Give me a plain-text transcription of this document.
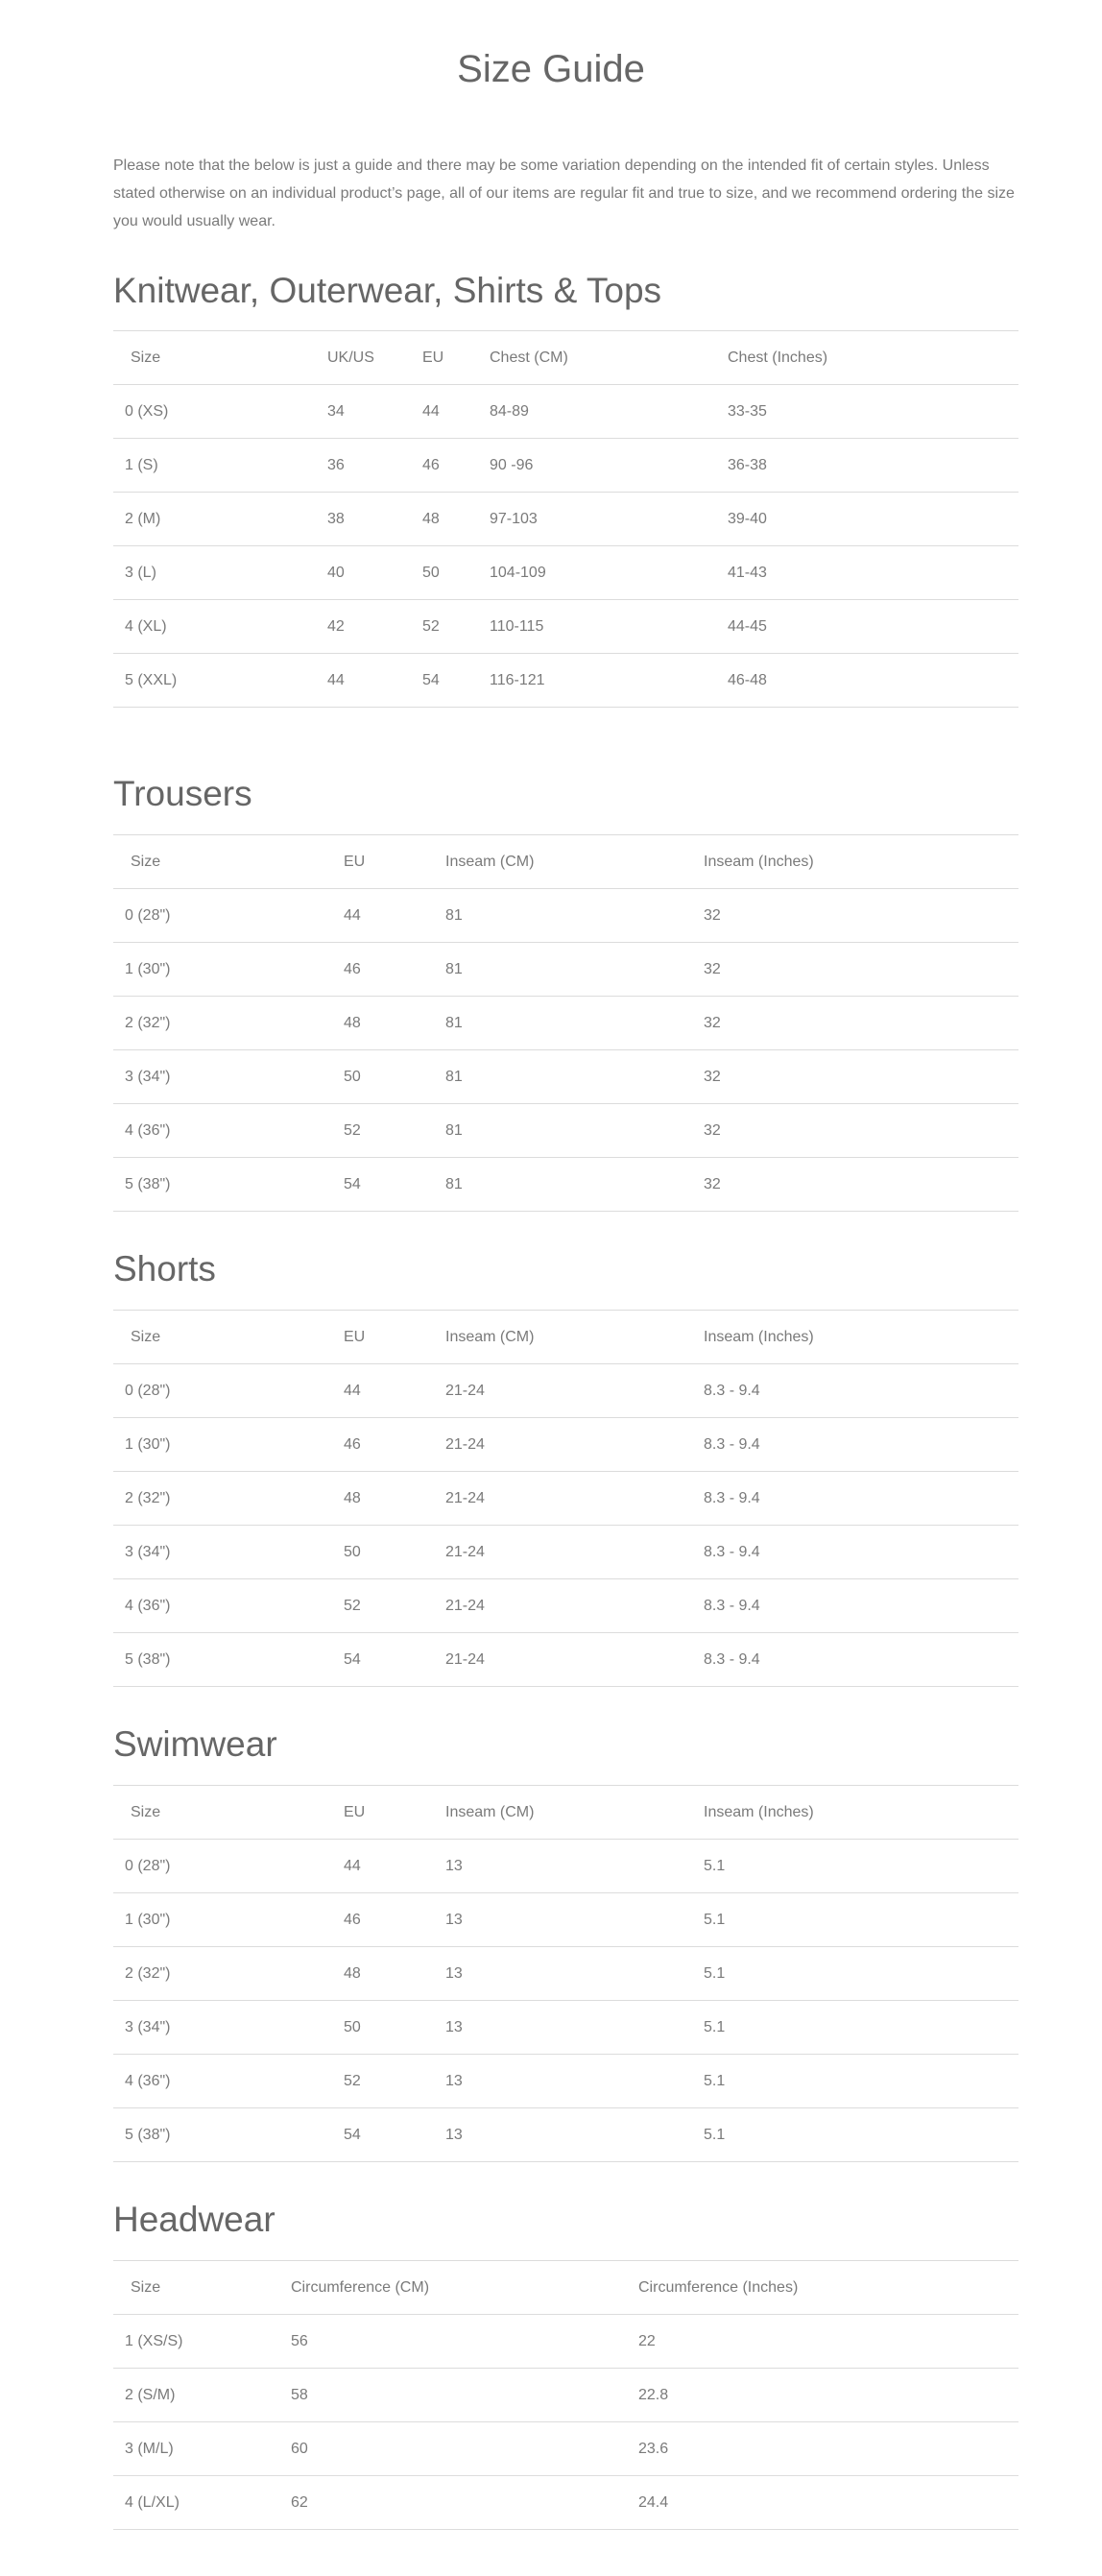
Size Guide

Please note that the below is just a guide and there may be some variation depending on the intended fit of certain styles. Unless stated otherwise on an individual product’s page, all of our items are regular fit and true to size, and we recommend ordering the size you would usually wear.

Knitwear, Outerwear, Shirts & Tops
Size	UK/US	EU	Chest (CM)	Chest (Inches)
0 (XS)	34	44	84-89	33-35
1 (S)	36	46	90 -96	36-38
2 (M)	38	48	97-103	39-40
3 (L)	40	50	104-109	41-43
4 (XL)	42	52	110-115	44-45
5 (XXL)	44	54	116-121	46-48
Trousers
Size	EU	Inseam (CM)	Inseam (Inches)
0 (28")	44	81	32
1 (30")	46	81	32
2 (32")	48	81	32
3 (34")	50	81	32
4 (36")	52	81	32
5 (38")	54	81	32
Shorts
Size	EU	Inseam (CM)	Inseam (Inches)
0 (28")	44	21-24	8.3 - 9.4
1 (30")	46	21-24	8.3 - 9.4
2 (32")	48	21-24	8.3 - 9.4
3 (34")	50	21-24	8.3 - 9.4
4 (36")	52	21-24	8.3 - 9.4
5 (38")	54	21-24	8.3 - 9.4
Swimwear
Size	EU	Inseam (CM)	Inseam (Inches)
0 (28")	44	13	5.1
1 (30")	46	13	5.1
2 (32")	48	13	5.1
3 (34")	50	13	5.1
4 (36")	52	13	5.1
5 (38")	54	13	5.1
Headwear
Size	Circumference (CM)	Circumference (Inches)
1 (XS/S)	56	22
2 (S/M)	58	22.8
3 (M/L)	60	23.6
4 (L/XL)	62	24.4
